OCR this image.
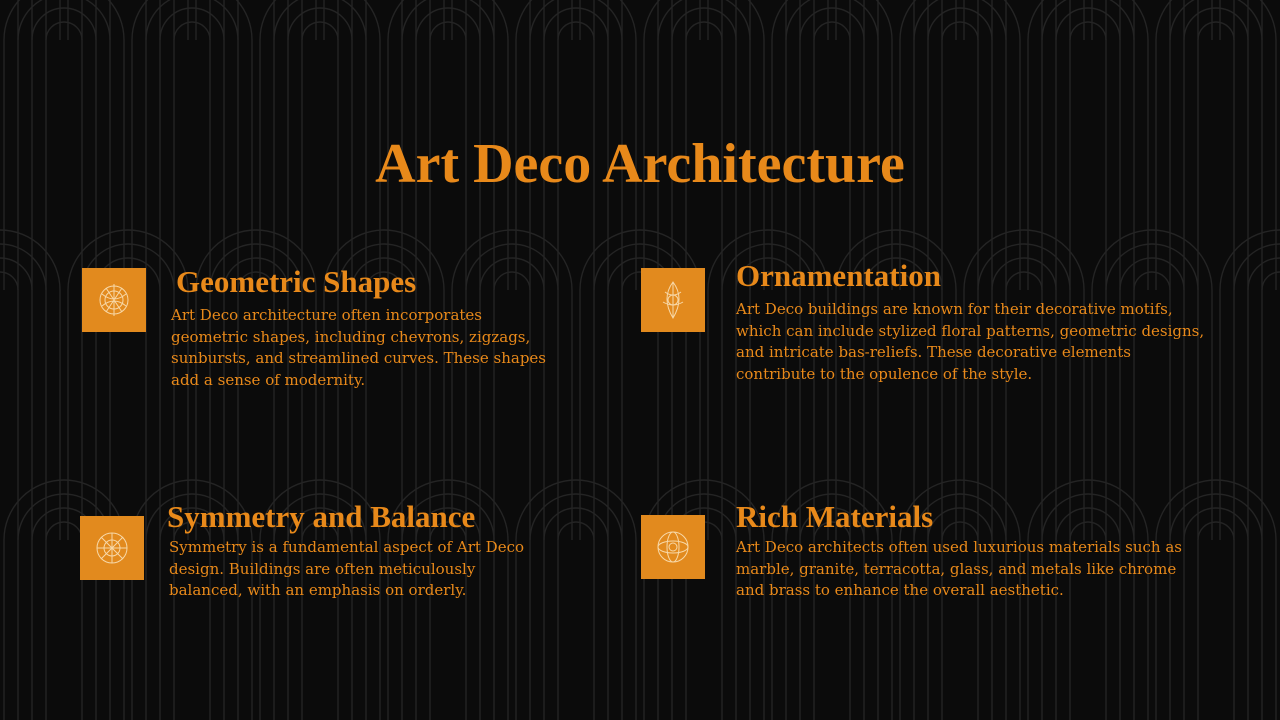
Art Deco Architecture
Geometric Shapes
Art Deco architecture often incorporates geometric shapes, including chevrons, zigzags, sunbursts, and streamlined curves. These shapes add a sense of modernity.
Ornamentation
Art Deco buildings are known for their decorative motifs, which can include stylized floral patterns, geometric designs, and intricate bas-reliefs. These decorative elements contribute to the opulence of the style.
Symmetry and Balance
Symmetry is a fundamental aspect of Art Deco design. Buildings are often meticulously balanced, with an emphasis on orderly.
Rich Materials
Art Deco architects often used luxurious materials such as marble, granite, terracotta, glass, and metals like chrome and brass to enhance the overall aesthetic.
